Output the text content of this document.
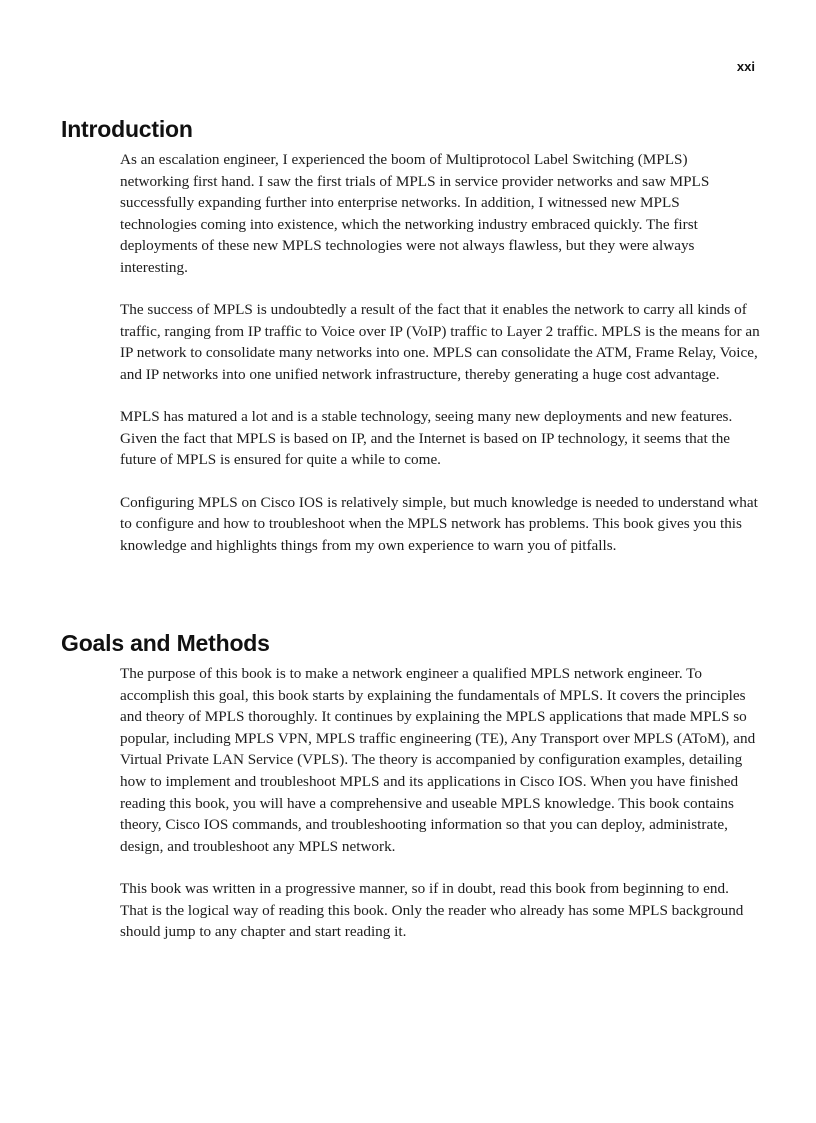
xxi
Introduction

As an escalation engineer, I experienced the boom of Multiprotocol Label Switching (MPLS) networking first hand. I saw the first trials of MPLS in service provider networks and saw MPLS successfully expanding further into enterprise networks. In addition, I witnessed new MPLS technologies coming into existence, which the networking industry embraced quickly. The first deployments of these new MPLS technologies were not always flawless, but they were always interesting.

The success of MPLS is undoubtedly a result of the fact that it enables the network to carry all kinds of traffic, ranging from IP traffic to Voice over IP (VoIP) traffic to Layer 2 traffic. MPLS is the means for an IP network to consolidate many networks into one. MPLS can consolidate the ATM, Frame Relay, Voice, and IP networks into one unified network infrastructure, thereby generating a huge cost advantage.

MPLS has matured a lot and is a stable technology, seeing many new deployments and new features. Given the fact that MPLS is based on IP, and the Internet is based on IP technology, it seems that the future of MPLS is ensured for quite a while to come.

Configuring MPLS on Cisco IOS is relatively simple, but much knowledge is needed to understand what to configure and how to troubleshoot when the MPLS network has problems. This book gives you this knowledge and highlights things from my own experience to warn you of pitfalls.

Goals and Methods

The purpose of this book is to make a network engineer a qualified MPLS network engineer. To accomplish this goal, this book starts by explaining the fundamentals of MPLS. It covers the principles and theory of MPLS thoroughly. It continues by explaining the MPLS applications that made MPLS so popular, including MPLS VPN, MPLS traffic engineering (TE), Any Transport over MPLS (AToM), and Virtual Private LAN Service (VPLS). The theory is accompanied by configuration examples, detailing how to implement and troubleshoot MPLS and its applications in Cisco IOS. When you have finished reading this book, you will have a comprehensive and useable MPLS knowledge. This book contains theory, Cisco IOS commands, and troubleshooting information so that you can deploy, administrate, design, and troubleshoot any MPLS network.

This book was written in a progressive manner, so if in doubt, read this book from beginning to end. That is the logical way of reading this book. Only the reader who already has some MPLS background should jump to any chapter and start reading it.
